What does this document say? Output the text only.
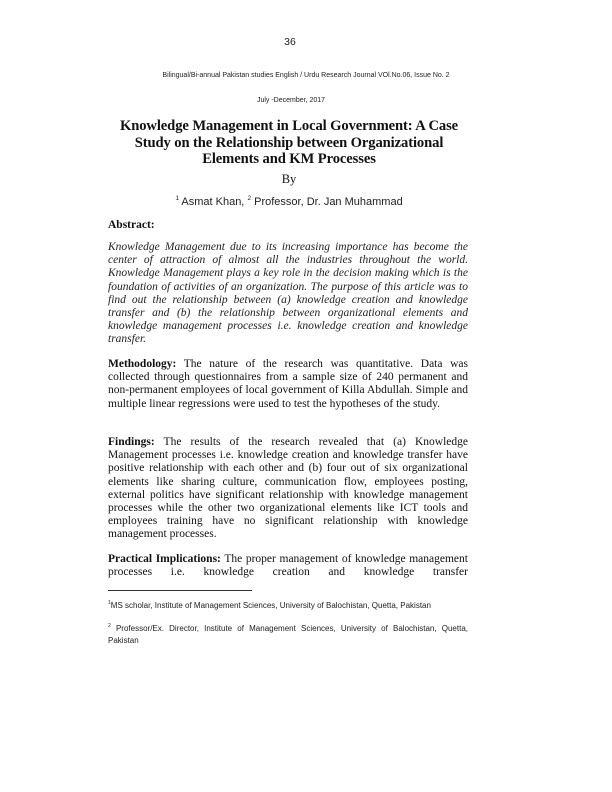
36
Bilingual/Bi-annual Pakistan studies English / Urdu Research Journal VOl.No.06, Issue No. 2
July -December, 2017
Knowledge Management in Local Government: A Case Study on the Relationship between Organizational Elements and KM Processes
By
$^1$ Asmat Khan, $^2$ Professor, Dr. Jan Muhammad
Abstract:
Knowledge Management due to its increasing importance has become the center of attraction of almost all the industries throughout the world. Knowledge Management plays a key role in the decision making which is the foundation of activities of an organization. The purpose of this article was to find out the relationship between (a) knowledge creation and knowledge transfer and (b) the relationship between organizational elements and knowledge management processes i.e. knowledge creation and knowledge transfer.
Methodology: The nature of the research was quantitative. Data was collected through questionnaires from a sample size of 240 permanent and non-permanent employees of local government of Killa Abdullah. Simple and multiple linear regressions were used to test the hypotheses of the study.
Findings: The results of the research revealed that (a) Knowledge Management processes i.e. knowledge creation and knowledge transfer have positive relationship with each other and (b) four out of six organizational elements like sharing culture, communication flow, employees posting, external politics have significant relationship with knowledge management processes while the other two organizational elements like ICT tools and employees training have no significant relationship with knowledge management processes.
Practical Implications: The proper management of knowledge management processes i.e. knowledge creation and knowledge transfer
$^1$MS scholar, Institute of Management Sciences, University of Balochistan, Quetta, Pakistan
$^2$ Professor/Ex. Director, Institute of Management Sciences, University of Balochistan, Quetta, Pakistan
